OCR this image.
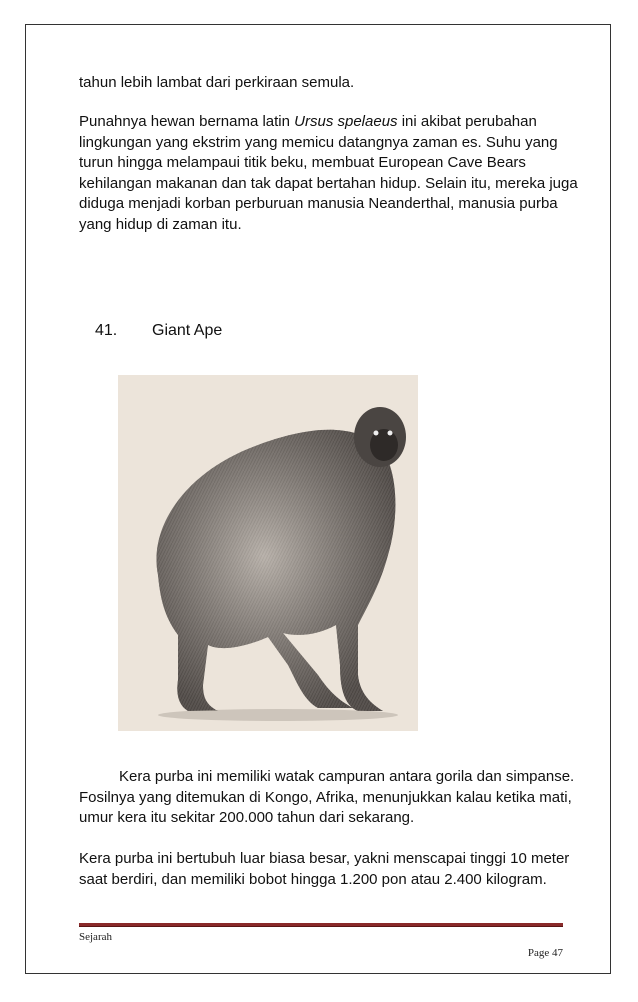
tahun lebih lambat dari perkiraan semula.

Punahnya hewan bernama latin Ursus spelaeus ini akibat perubahan lingkungan yang ekstrim yang memicu datangnya zaman es. Suhu yang turun hingga melampaui titik beku, membuat European Cave Bears kehilangan makanan dan tak dapat bertahan hidup. Selain itu, mereka juga diduga menjadi korban perburuan manusia Neanderthal, manusia purba yang hidup di zaman itu.

41. Giant Ape

Kera purba ini memiliki watak campuran antara gorila dan simpanse. Fosilnya yang ditemukan di Kongo, Afrika, menunjukkan kalau ketika mati, umur kera itu sekitar 200.000 tahun dari sekarang.

Kera purba ini bertubuh luar biasa besar, yakni menscapai tinggi 10 meter saat berdiri, dan memiliki bobot hingga 1.200 pon atau 2.400 kilogram.

Sejarah
Page 47
